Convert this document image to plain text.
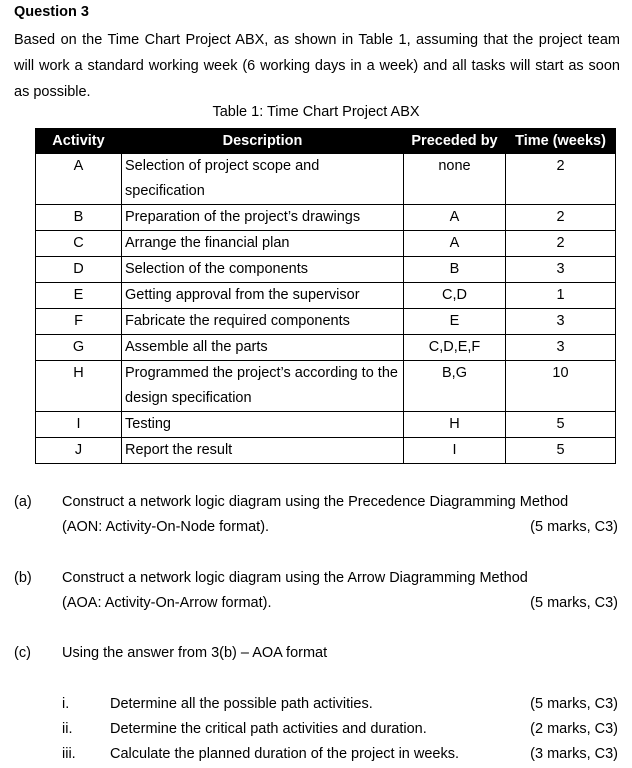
Question 3
Based on the Time Chart Project ABX, as shown in Table 1, assuming that the project team will work a standard working week (6 working days in a week) and all tasks will start as soon as possible.
Table 1: Time Chart Project ABX
Activity	Description	Preceded by	Time (weeks)
A	Selection of project scope and specification	none	2
B	Preparation of the project’s drawings	A	2
C	Arrange the financial plan	A	2
D	Selection of the components	B	3
E	Getting approval from the supervisor	C,D	1
F	Fabricate the required components	E	3
G	Assemble all the parts	C,D,E,F	3
H	Programmed the project’s according to the design specification	B,G	10
I	Testing	H	5
J	Report the result	I	5
(a) Construct a network logic diagram using the Precedence Diagramming Method
(AON: Activity-On-Node format).	(5 marks, C3)
(b) Construct a network logic diagram using the Arrow Diagramming Method
(AOA: Activity-On-Arrow format).	(5 marks, C3)
(c) Using the answer from 3(b) – AOA format
i.	Determine all the possible path activities.	(5 marks, C3)
ii.	Determine the critical path activities and duration.	(2 marks, C3)
iii. Calculate the planned duration of the project in weeks.	(3 marks, C3)
